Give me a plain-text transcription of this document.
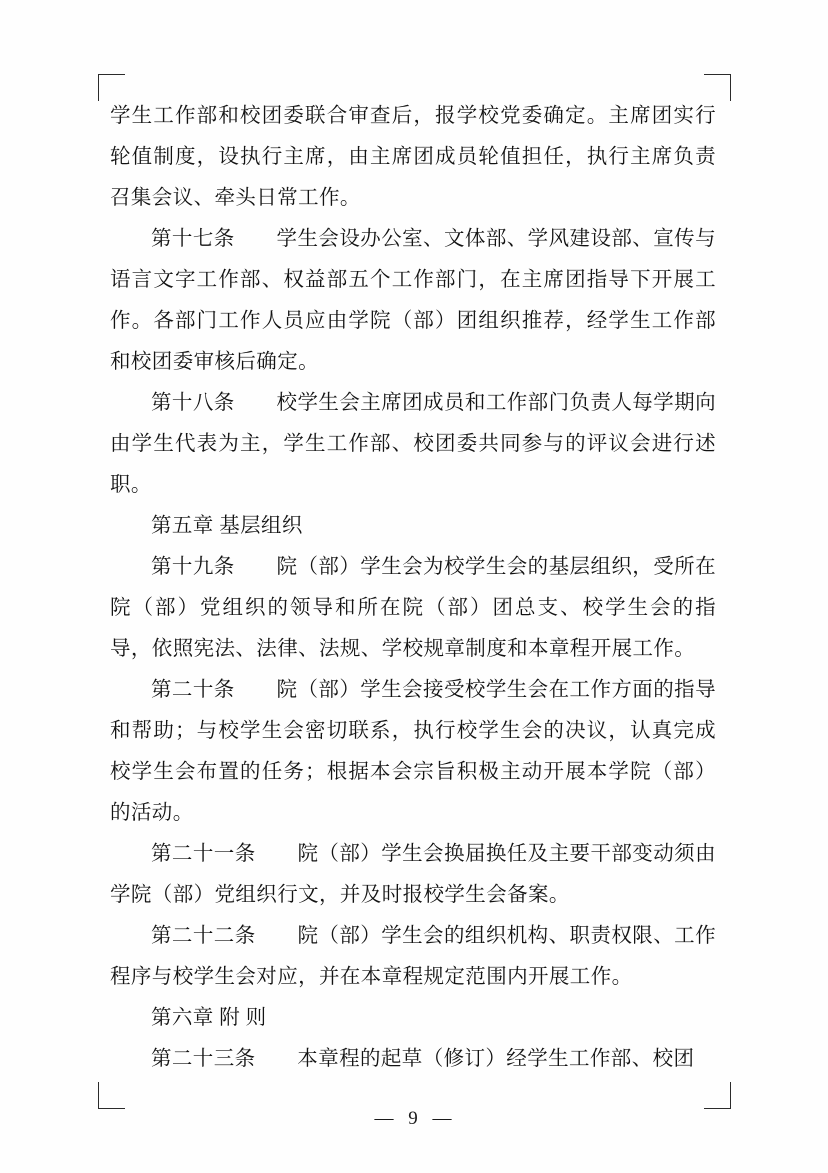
学生工作部和校团委联合审查后，报学校党委确定。主席团实行轮值制度，设执行主席，由主席团成员轮值担任，执行主席负责召集会议、牵头日常工作。

第十七条　　学生会设办公室、文体部、学风建设部、宣传与语言文字工作部、权益部五个工作部门，在主席团指导下开展工作。各部门工作人员应由学院（部）团组织推荐，经学生工作部和校团委审核后确定。

第十八条　　校学生会主席团成员和工作部门负责人每学期向由学生代表为主，学生工作部、校团委共同参与的评议会进行述职。

第五章 基层组织

第十九条　　院（部）学生会为校学生会的基层组织，受所在院（部）党组织的领导和所在院（部）团总支、校学生会的指导，依照宪法、法律、法规、学校规章制度和本章程开展工作。

第二十条　　院（部）学生会接受校学生会在工作方面的指导和帮助；与校学生会密切联系，执行校学生会的决议，认真完成校学生会布置的任务；根据本会宗旨积极主动开展本学院（部）的活动。

第二十一条　　院（部）学生会换届换任及主要干部变动须由学院（部）党组织行文，并及时报校学生会备案。

第二十二条　　院（部）学生会的组织机构、职责权限、工作程序与校学生会对应，并在本章程规定范围内开展工作。

第六章 附 则

第二十三条　　本章程的起草（修订）经学生工作部、校团

— 9 —
